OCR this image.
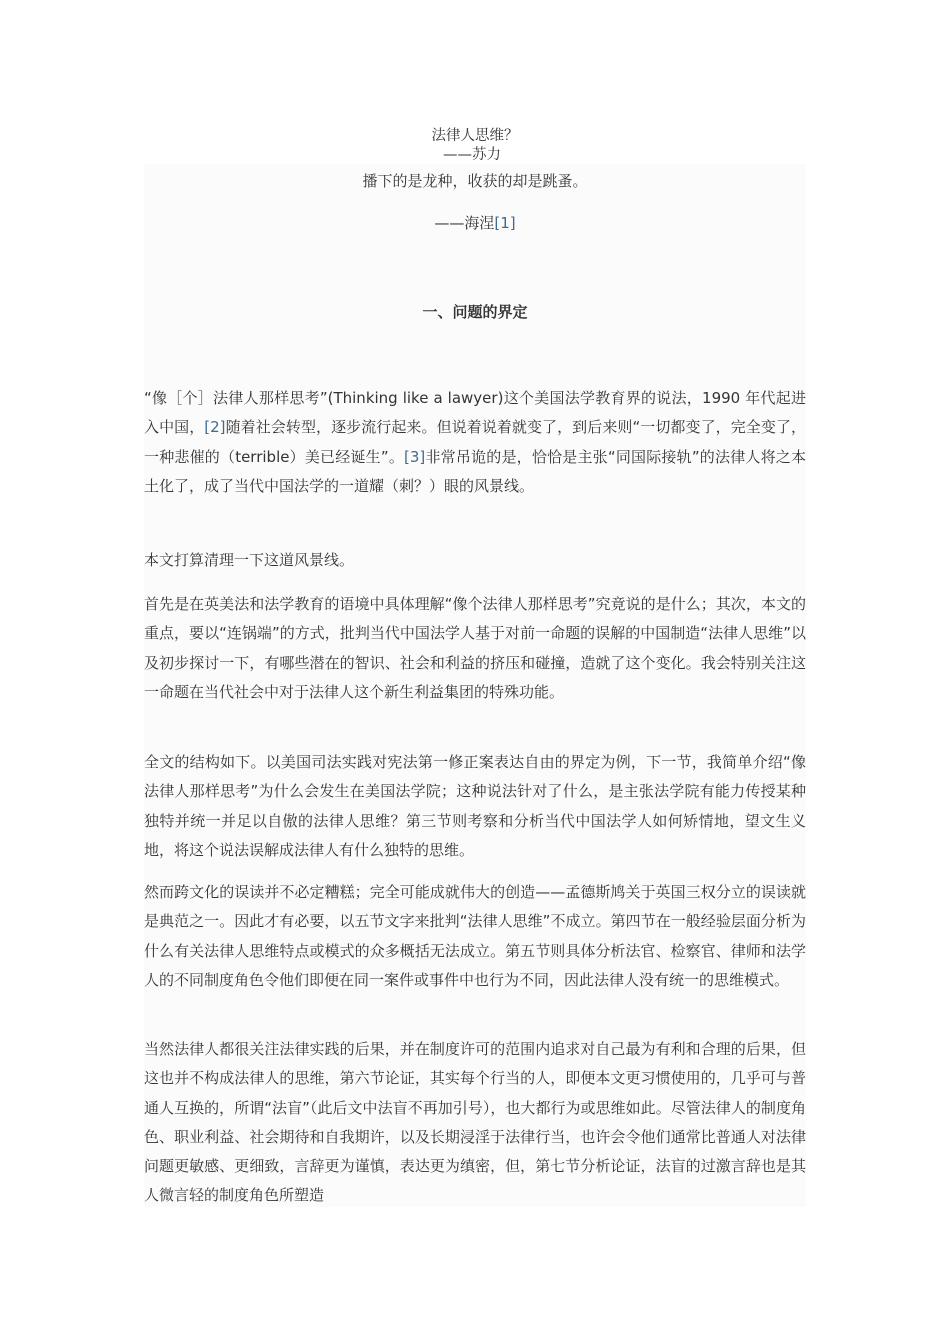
法律人思维？
——苏力
播下的是龙种，收获的却是跳蚤。
——海涅[1]
一、问题的界定

“像［个］法律人那样思考”(Thinking like a lawyer)这个美国法学教育界的说法，1990 年代起进入中国，[2]随着社会转型，逐步流行起来。但说着说着就变了，到后来则“一切都变了，完全变了，一种悲催的（terrible）美已经诞生”。[3]非常吊诡的是，恰恰是主张“同国际接轨”的法律人将之本土化了，成了当代中国法学的一道耀（刺？）眼的风景线。

本文打算清理一下这道风景线。

首先是在英美法和法学教育的语境中具体理解“像个法律人那样思考”究竟说的是什么；其次，本文的重点，要以“连锅端”的方式，批判当代中国法学人基于对前一命题的误解的中国制造“法律人思维”以及初步探讨一下，有哪些潜在的智识、社会和利益的挤压和碰撞，造就了这个变化。我会特别关注这一命题在当代社会中对于法律人这个新生利益集团的特殊功能。

全文的结构如下。以美国司法实践对宪法第一修正案表达自由的界定为例，下一节，我简单介绍“像法律人那样思考”为什么会发生在美国法学院；这种说法针对了什么，是主张法学院有能力传授某种独特并统一并足以自傲的法律人思维？第三节则考察和分析当代中国法学人如何矫情地，望文生义地，将这个说法误解成法律人有什么独特的思维。

然而跨文化的误读并不必定糟糕；完全可能成就伟大的创造——孟德斯鸠关于英国三权分立的误读就是典范之一。因此才有必要，以五节文字来批判“法律人思维”不成立。第四节在一般经验层面分析为什么有关法律人思维特点或模式的众多概括无法成立。第五节则具体分析法官、检察官、律师和法学人的不同制度角色令他们即便在同一案件或事件中也行为不同，因此法律人没有统一的思维模式。

当然法律人都很关注法律实践的后果，并在制度许可的范围内追求对自己最为有利和合理的后果，但这也并不构成法律人的思维，第六节论证，其实每个行当的人，即便本文更习惯使用的，几乎可与普通人互换的，所谓“法盲”（此后文中法盲不再加引号），也大都行为或思维如此。尽管法律人的制度角色、职业利益、社会期待和自我期许，以及长期浸淫于法律行当，也许会令他们通常比普通人对法律问题更敏感、更细致，言辞更为谨慎，表达更为缜密，但，第七节分析论证，法盲的过激言辞也是其人微言轻的制度角色所塑造
